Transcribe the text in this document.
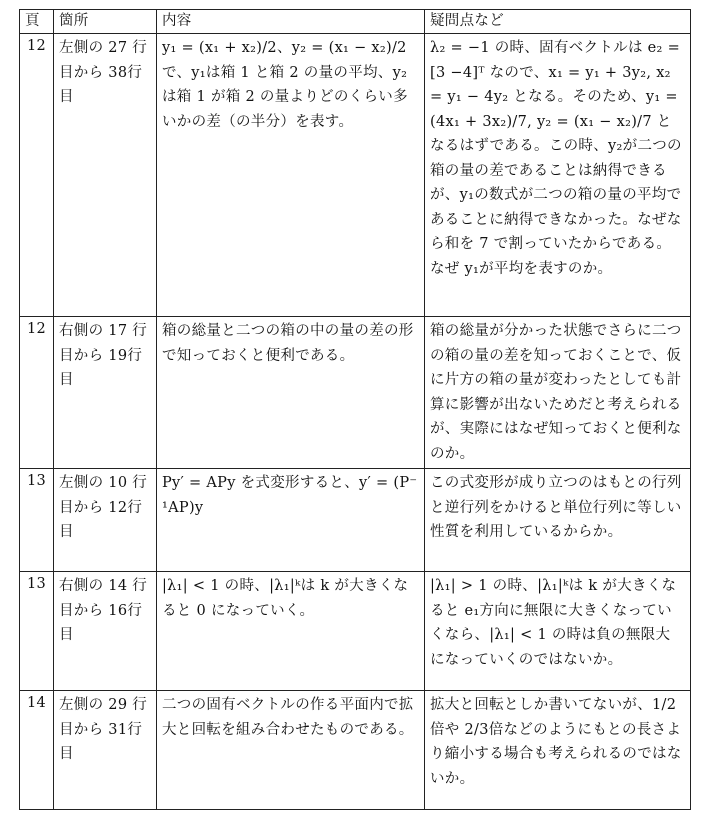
頁	箇所	内容	疑問点など
12	左側の 27 行目から 38行目	y₁ = (x₁ + x₂)/2、y₂ = (x₁ − x₂)/2で、y₁は箱 1 と箱 2 の量の平均、y₂は箱 1 が箱 2 の量よりどのくらい多いかの差（の半分）を表す。	λ₂ = −1 の時、固有ベクトルは e₂ = [3 −4]ᵀ なので、x₁ = y₁ + 3y₂, x₂ = y₁ − 4y₂ となる。そのため、y₁ = (4x₁ + 3x₂)/7, y₂ = (x₁ − x₂)/7 となるはずである。この時、y₂が二つの箱の量の差であることは納得できるが、y₁の数式が二つの箱の量の平均であることに納得できなかった。なぜなら和を 7 で割っていたからである。なぜ y₁が平均を表すのか。

12	右側の 17 行目から 19行目	箱の総量と二つの箱の中の量の差の形で知っておくと便利である。	箱の総量が分かった状態でさらに二つの箱の量の差を知っておくことで、仮に片方の箱の量が変わったとしても計算に影響が出ないためだと考えられるが、実際にはなぜ知っておくと便利なのか。

13	左側の 10 行目から 12行目	Py′ = APy を式変形すると、y′ = (P⁻¹AP)y	この式変形が成り立つのはもとの行列と逆行列をかけると単位行列に等しい性質を利用しているからか。

13	右側の 14 行目から 16行目	|λ₁| < 1 の時、|λ₁|ᵏは k が大きくなると 0 になっていく。	|λ₁| > 1 の時、|λ₁|ᵏは k が大きくなると e₁方向に無限に大きくなっていくなら、|λ₁| < 1 の時は負の無限大になっていくのではないか。

14	左側の 29 行目から 31行目	二つの固有ベクトルの作る平面内で拡大と回転を組み合わせたものである。	拡大と回転としか書いてないが、1/2倍や 2/3倍などのようにもとの長さより縮小する場合も考えられるのではないか。
